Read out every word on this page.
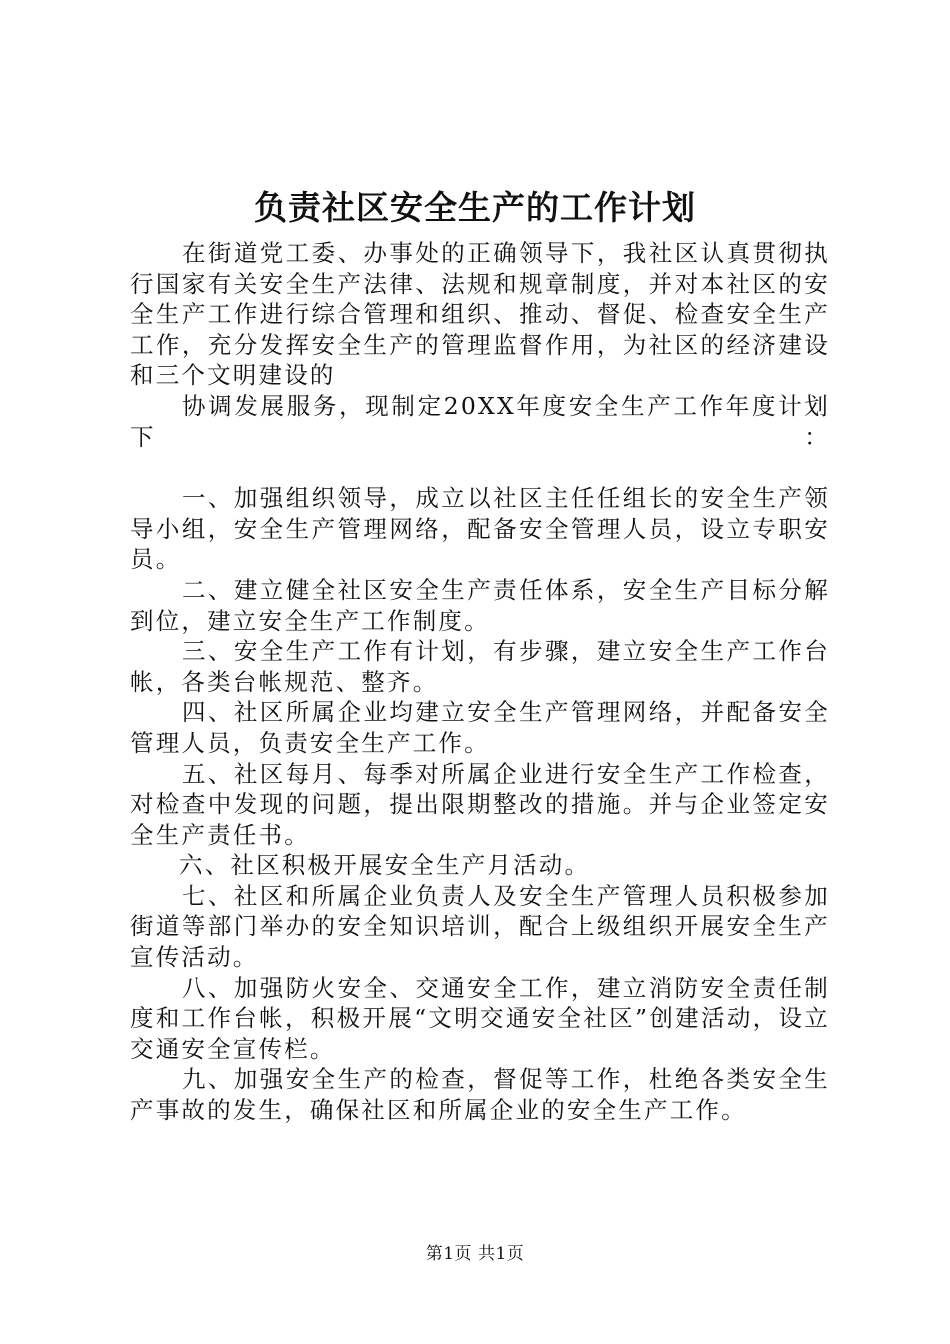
负责社区安全生产的工作计划

在街道党工委、办事处的正确领导下，我社区认真贯彻执行国家有关安全生产法律、法规和规章制度，并对本社区的安全生产工作进行综合管理和组织、推动、督促、检查安全生产工作，充分发挥安全生产的管理监督作用，为社区的经济建设和三个文明建设的

协调发展服务，现制定20XX年度安全生产工作年度计划下：

一、加强组织领导，成立以社区主任任组长的安全生产领导小组，安全生产管理网络，配备安全管理人员，设立专职安员。

二、建立健全社区安全生产责任体系，安全生产目标分解到位，建立安全生产工作制度。

三、安全生产工作有计划，有步骤，建立安全生产工作台帐，各类台帐规范、整齐。

四、社区所属企业均建立安全生产管理网络，并配备安全管理人员，负责安全生产工作。

五、社区每月、每季对所属企业进行安全生产工作检查，对检查中发现的问题，提出限期整改的措施。并与企业签定安全生产责任书。

六、社区积极开展安全生产月活动。

七、社区和所属企业负责人及安全生产管理人员积极参加街道等部门举办的安全知识培训，配合上级组织开展安全生产宣传活动。

八、加强防火安全、交通安全工作，建立消防安全责任制度和工作台帐，积极开展“文明交通安全社区”创建活动，设立交通安全宣传栏。

九、加强安全生产的检查，督促等工作，杜绝各类安全生产事故的发生，确保社区和所属企业的安全生产工作。

第1页 共1页
